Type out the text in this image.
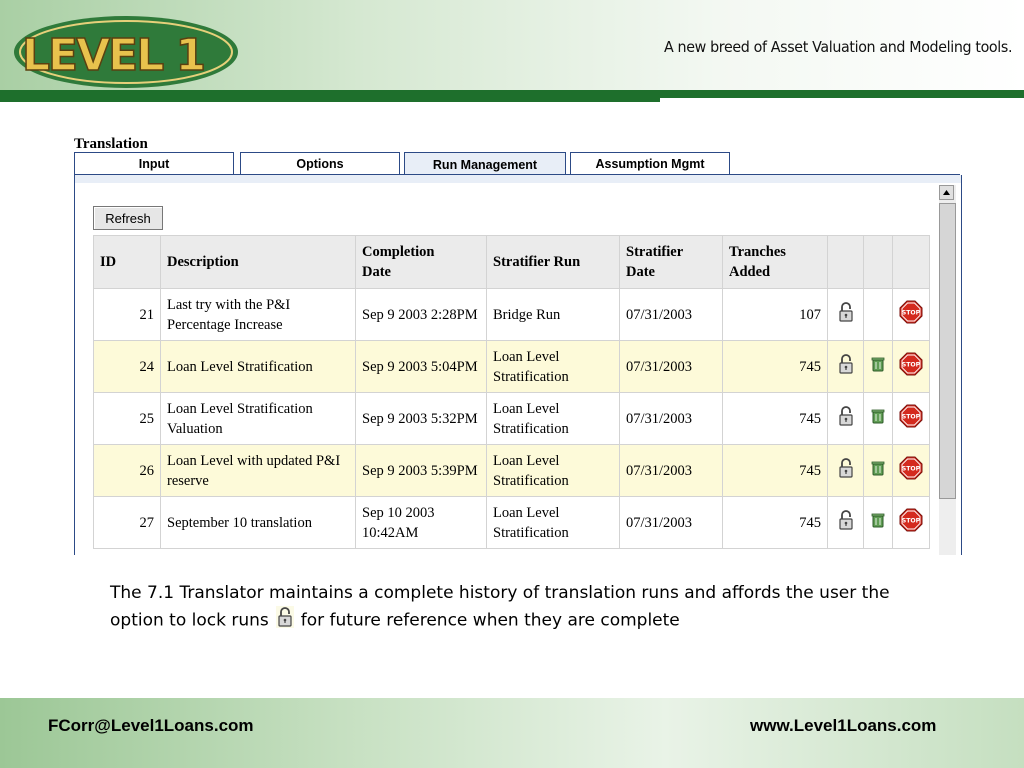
LEVEL 1	A new breed of Asset Valuation and Modeling tools.
Translation
Input	Options	Run Management	Assumption Mgmt
Refresh
ID	Description	Completion Date	Stratifier Run	Stratifier Date	Tranches Added			
21	Last try with the P&I Percentage Increase	Sep 9 2003 2:28PM	Bridge Run	07/31/2003	107			STOP

24	Loan Level Stratification	Sep 9 2003 5:04PM	Loan Level Stratification	07/31/2003	745			STOP

25	Loan Level Stratification Valuation	Sep 9 2003 5:32PM	Loan Level Stratification	07/31/2003	745			STOP

26	Loan Level with updated P&I reserve	Sep 9 2003 5:39PM	Loan Level Stratification	07/31/2003	745			STOP

27	September 10 translation	Sep 10 2003 10:42AM	Loan Level Stratification	07/31/2003	745			STOP
The 7.1 Translator maintains a complete history of translation runs and affords the user the option to lock runs for future reference when they are complete
FCorr@Level1Loans.com	www.Level1Loans.com
